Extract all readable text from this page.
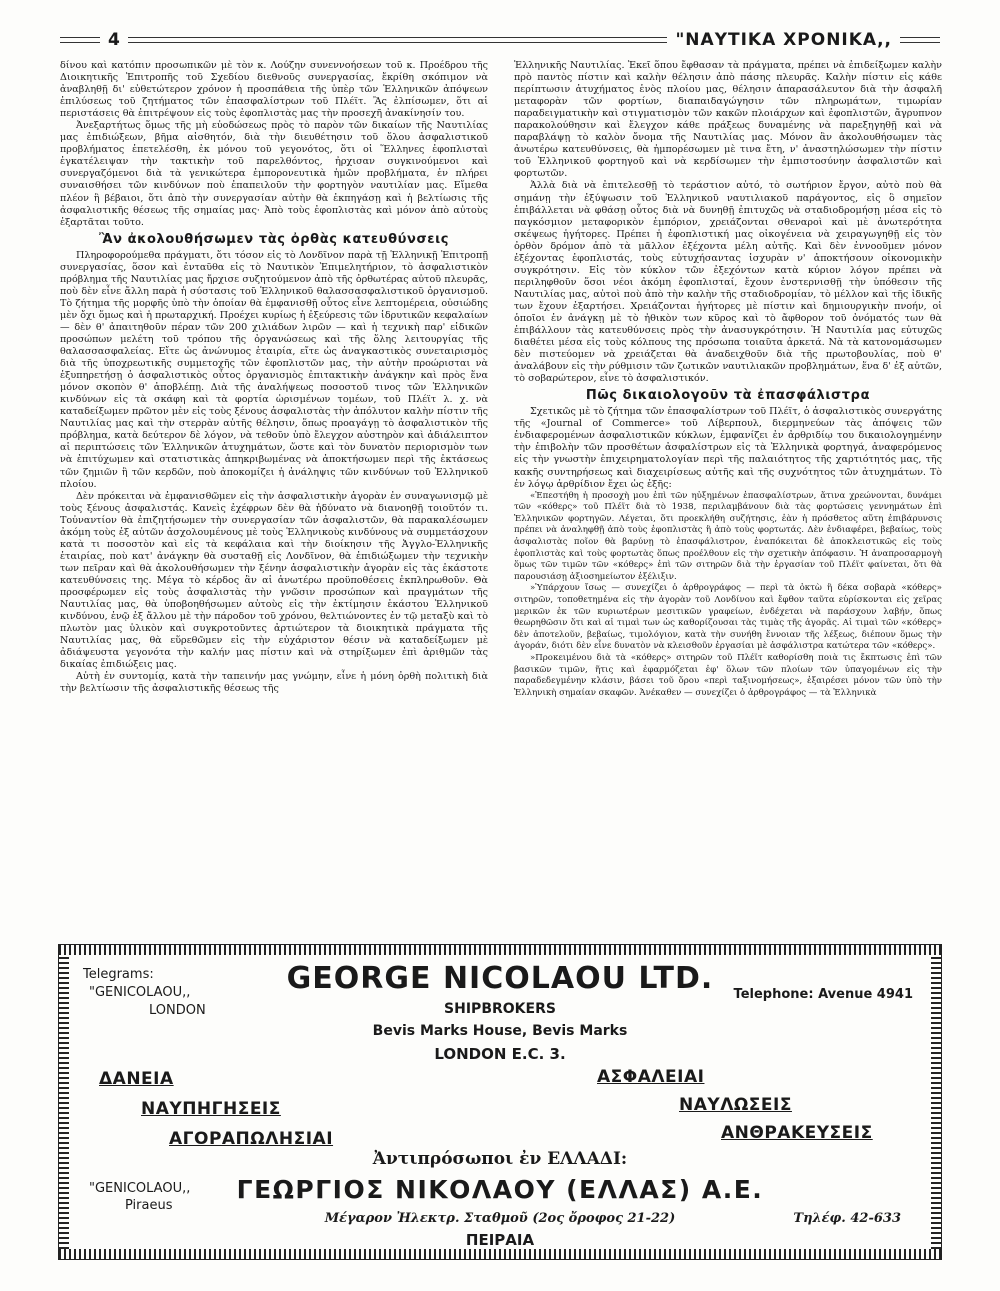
4	"ΝΑΥΤΙΚΑ ΧΡΟΝΙΚΑ,,

δίνου καὶ κατόπιν προσωπικῶν μὲ τὸν κ. Λούζην συνεννοήσεων τοῦ κ. Προέδρου τῆς Διοικητικῆς Ἐπιτροπῆς τοῦ Σχεδίου διεθνοῦς συνεργασίας, ἔκρίθη σκόπιμον νὰ ἀναβληθῇ δι' εὐθετώτερον χρόνον ἡ προσπάθεια τῆς ὑπὲρ τῶν Ἑλληνικῶν ἀπόψεων ἐπιλύσεως τοῦ ζητήματος τῶν ἐπασφαλίστρων τοῦ Πλέϊτ. Ἂς ἐλπίσωμεν, ὅτι αἱ περιστάσεις θὰ ἐπιτρέψουν εἰς τοὺς ἐφοπλιστὰς μας τὴν προσεχῆ ἀνακίνησίν του.

Ἀνεξαρτήτως ὅμως τῆς μὴ εὐοδώσεως πρὸς τὸ παρὸν τῶν δικαίων τῆς Ναυτιλίας μας ἐπιδιώξεων, βῆμα αἰσθητόν, διὰ τὴν διευθέτησιν τοῦ ὅλου ἀσφαλιστικοῦ προβλήματος ἐπετελέσθη, ἐκ μόνου τοῦ γεγονότος, ὅτι οἱ Ἕλληνες ἐφοπλισταὶ ἐγκατέλειψαν τὴν τακτικὴν τοῦ παρελθόντος, ἠρχισαν συγκινούμενοι καὶ συνεργαζόμενοι διὰ τὰ γενικώτερα ἐμπορονευτικὰ ἡμῶν προβλήματα, ἐν πλήρει συναισθήσει τῶν κινδύνων ποὺ ἐπαπειλοῦν τὴν φορτηγὸν ναυτιλίαν μας. Εἴμεθα πλέον ἢ βέβαιοι, ὅτι ἀπὸ τὴν συνεργασίαν αὐτὴν θὰ ἐκπηγάσῃ καὶ ἡ βελτίωσις τῆς ἀσφαλιστικῆς θέσεως τῆς σημαίας μας· Ἀπὸ τοὺς ἐφοπλιστὰς καὶ μόνον ἀπὸ αὐτοὺς ἐξαρτᾶται τοῦτο.

Ἂν ἀκολουθήσωμεν τὰς ὀρθὰς κατευθύνσεις

Πληροφορούμεθα πράγματι, ὅτι τόσον εἰς τὸ Λονδῖνον παρὰ τῇ Ἑλληνικῇ Ἐπιτροπῇ συνεργασίας, ὅσον καὶ ἐνταῦθα εἰς τὸ Ναυτικὸν Ἐπιμελητήριον, τὸ ἀσφαλιστικὸν πρόβλημα τῆς Ναυτιλίας μας ἤρχισε συζητούμενον ἀπὸ τῆς ὀρθωτέρας αὐτοῦ πλευρᾶς, ποὺ δὲν εἶνε ἄλλη παρὰ ἡ σύστασις τοῦ Ἑλληνικοῦ θαλασσασφαλιστικοῦ ὀργανισμοῦ. Τὸ ζήτημα τῆς μορφῆς ὑπὸ τὴν ὁποίαν θὰ ἐμφανισθῇ οὗτος εἶνε λεπτομέρεια, οὐσιώδης μὲν ὄχι ὅμως καὶ ἡ πρωταρχική. Προέχει κυρίως ἡ ἐξεύρεσις τῶν ἱδρυτικῶν κεφαλαίων — δὲν θ' ἀπαιτηθοῦν πέραν τῶν 200 χιλιάδων λιρῶν — καὶ ἡ τεχνικὴ παρ' εἰδικῶν προσώπων μελέτη τοῦ τρόπου τῆς ὀργανώσεως καὶ τῆς ὅλης λειτουργίας τῆς θαλασσασφαλείας. Εἴτε ὡς ἀνώνυμος ἑταιρία, εἴτε ὡς ἀναγκαστικὸς συνεταιρισμὸς διὰ τῆς ὑποχρεωτικῆς συμμετοχῆς τῶν ἐφοπλιστῶν μας, τὴν αὐτὴν προώρισται νὰ ἐξυπηρετήσῃ ὁ ἀσφαλιστικὸς οὗτος ὀργανισμὸς ἐπιτακτικὴν ἀνάγκην καὶ πρὸς ἕνα μόνον σκοπὸν θ' ἀποβλέπῃ. Διὰ τῆς ἀναλήψεως ποσοστοῦ τινος τῶν Ἑλληνικῶν κινδύνων εἰς τὰ σκάφη καὶ τὰ φορτία ὡρισμένων τομέων, τοῦ Πλέϊτ λ. χ. νὰ καταδείξωμεν πρῶτον μὲν εἰς τοὺς ξένους ἀσφαλιστὰς τὴν ἀπόλυτον καλὴν πίστιν τῆς Ναυτιλίας μας καὶ τὴν στερρὰν αὐτῆς θέλησιν, ὅπως προαγάγῃ τὸ ἀσφαλιστικὸν τῆς πρόβλημα, κατὰ δεύτερον δὲ λόγον, νὰ τεθοῦν ὑπὸ ἔλεγχον αὐστηρὸν καὶ ἀδιάλειπτον αἱ περιπτώσεις τῶν Ἑλληνικῶν ἀτυχημάτων, ὥστε καὶ τὸν δυνατὸν περιορισμὸν των νὰ ἐπιτύχωμεν καὶ στατιστικὰς ἀπηκριβωμένας νὰ ἀποκτήσωμεν περὶ τῆς ἐκτάσεως τῶν ζημιῶν ἢ τῶν κερδῶν, ποὺ ἀποκομίζει ἡ ἀνάληψις τῶν κινδύνων τοῦ Ἑλληνικοῦ πλοίου.

Δὲν πρόκειται νὰ ἐμφανισθῶμεν εἰς τὴν ἀσφαλιστικὴν ἀγορὰν ἐν συναγωνισμῷ μὲ τοὺς ξένους ἀσφαλιστάς. Κανεὶς ἐχέφρων δὲν θὰ ἠδύνατο νὰ διανοηθῇ τοιοῦτόν τι. Τοὐναντίον θὰ ἐπιζητήσωμεν τὴν συνεργασίαν τῶν ἀσφαλιστῶν, θὰ παρακαλέσωμεν ἀκόμη τοὺς ἐξ αὐτῶν ἀσχολουμένους μὲ τοὺς Ἑλληνικοὺς κινδύνους νὰ συμμετάσχουν κατὰ τι ποσοστὸν καὶ εἰς τὰ κεφάλαια καὶ τὴν διοίκησιν τῆς Ἀγγλο-Ἑλληνικῆς ἑταιρίας, ποὺ κατ' ἀνάγκην θὰ συσταθῇ εἰς Λονδῖνον, θὰ ἐπιδιώξωμεν τὴν τεχνικὴν των πεῖραν καὶ θὰ ἀκολουθήσωμεν τὴν ξένην ἀσφαλιστικὴν ἀγορὰν εἰς τὰς ἑκάστοτε κατευθύνσεις της. Μέγα τὸ κέρδος ἂν αἱ ἀνωτέρω προϋποθέσεις ἐκπληρωθοῦν. Θὰ προσφέρωμεν εἰς τοὺς ἀσφαλιστὰς τὴν γνῶσιν προσώπων καὶ πραγμάτων τῆς Ναυτιλίας μας, θὰ ὑποβοηθήσωμεν αὐτοὺς εἰς τὴν ἐκτίμησιν ἑκάστου Ἑλληνικοῦ κινδύνου, ἐνῷ ἐξ ἄλλου μὲ τὴν πάροδον τοῦ χρόνου, θελτιώνοντες ἐν τῷ μεταξὺ καὶ τὸ πλωτὸν μας ὑλικὸν καὶ συγκροτοῦντες ἀρτιώτερον τὰ διοικητικὰ πράγματα τῆς Ναυτιλίας μας, θὰ εὕρεθῶμεν εἰς τὴν εὐχάριστον θέσιν νὰ καταδείξωμεν μὲ ἀδιάψευστα γεγονότα τὴν καλήν μας πίστιν καὶ νὰ στηρίξωμεν ἐπὶ ἀριθμῶν τὰς δικαίας ἐπιδιώξεις μας.

Αὐτὴ ἐν συντομίᾳ, κατὰ τὴν ταπεινήν μας γνώμην, εἶνε ἡ μόνη ὀρθὴ πολιτικὴ διὰ τὴν βελτίωσιν τῆς ἀσφαλιστικῆς θέσεως τῆς

Ἑλληνικῆς Ναυτιλίας. Ἐκεῖ ὅπου ἔφθασαν τὰ πράγματα, πρέπει νὰ ἐπιδείξωμεν καλὴν πρὸ παντὸς πίστιν καὶ καλὴν θέλησιν ἀπὸ πάσης πλευρᾶς. Καλὴν πίστιν εἰς κάθε περίπτωσιν ἀτυχήματος ἑνὸς πλοίου μας, θέλησιν ἀπαρασάλευτον διὰ τὴν ἀσφαλῆ μεταφορὰν τῶν φορτίων, διαπαιδαγώγησιν τῶν πληρωμάτων, τιμωρίαν παραδειγματικὴν καὶ στιγματισμὸν τῶν κακῶν πλοιάρχων καὶ ἐφοπλιστῶν, ἄγρυπνον παρακολούθησιν καὶ ἔλεγχον κάθε πράξεως δυναμένης νὰ παρεξηγηθῇ καὶ νὰ παραβλάψῃ τὸ καλὸν ὄνομα τῆς Ναυτιλίας μας. Μόνον ἂν ἀκολουθήσωμεν τὰς ἀνωτέρω κατευθύνσεις, θὰ ἠμπορέσωμεν μὲ τινα ἔτη, ν' ἀναστηλώσωμεν τὴν πίστιν τοῦ Ἑλληνικοῦ φορτηγοῦ καὶ νὰ κερδίσωμεν τὴν ἐμπιστοσύνην ἀσφαλιστῶν καὶ φορτωτῶν.

Ἀλλὰ διὰ νὰ ἐπιτελεσθῇ τὸ τεράστιον αὐτό, τὸ σωτήριον ἔργον, αὐτὸ ποὺ θὰ σημάνῃ τὴν ἐξύψωσιν τοῦ Ἑλληνικοῦ ναυτιλιακοῦ παράγοντος, εἰς ὃ σημεῖον ἐπιβάλλεται νὰ φθάσῃ οὗτος διὰ νὰ δυνηθῇ ἐπιτυχῶς νὰ σταδιοδρομήσῃ μέσα εἰς τὸ παγκόσμιον μεταφορικὸν ἐμπόριον, χρειάζονται σθεναροὶ καὶ μὲ ἀνωτερότητα σκέψεως ἡγήτορες. Πρέπει ἡ ἐφοπλιστική μας οἰκογένεια νὰ χειραγωγηθῇ εἰς τὸν ὀρθὸν δρόμον ἀπὸ τὰ μᾶλλον ἐξέχοντα μέλη αὐτῆς. Καὶ δὲν ἐννοοῦμεν μόνον ἐξέχοντας ἐφοπλιστάς, τοὺς εὐτυχήσαντας ἰσχυρὰν ν' ἀποκτήσουν οἰκονομικὴν συγκρότησιν. Εἰς τὸν κύκλον τῶν ἐξεχόντων κατὰ κύριον λόγον πρέπει νὰ περιληφθοῦν ὅσοι νέοι ἀκόμη ἐφοπλισταί, ἔχουν ἐνστερνισθῇ τὴν ὑπόθεσιν τῆς Ναυτιλίας μας, αὐτοὶ ποὺ ἀπὸ τὴν καλὴν τῆς σταδιοδρομίαν, τὸ μέλλον καὶ τῆς ἰδικῆς των ἔχουν ἐξαρτήσει. Χρειάζονται ἡγήτορες μὲ πίστιν καὶ δημιουργικὴν πνοήν, οἱ ὁποῖοι ἐν ἀνάγκῃ μὲ τὸ ἠθικὸν των κῦρος καὶ τὸ ἄφθορον τοῦ ὀνόματός των θὰ ἐπιβάλλουν τὰς κατευθύνσεις πρὸς τὴν ἀνασυγκρότησιν. Ἡ Ναυτιλία μας εὐτυχῶς διαθέτει μέσα εἰς τοὺς κόλπους της πρόσωπα τοιαῦτα ἀρκετά. Νὰ τὰ κατονομάσωμεν δὲν πιστεύομεν νὰ χρειάζεται θὰ ἀναδειχθοῦν διὰ τῆς πρωτοβουλίας, ποὺ θ' ἀναλάβουν εἰς τὴν ρύθμισιν τῶν ζωτικῶν ναυτιλιακῶν προβλημάτων, ἕνα δ' ἐξ αὐτῶν, τὸ σοβαρώτερον, εἶνε τὸ ἀσφαλιστικόν.

Πῶς δικαιολογοῦν τὰ ἐπασφάλιστρα

Σχετικῶς μὲ τὸ ζήτημα τῶν ἐπασφαλίστρων τοῦ Πλέϊτ, ὁ ἀσφαλιστικὸς συνεργάτης τῆς «Journal of Commerce» τοῦ Λίβερπουλ, διερμηνεύων τὰς ἀπόψεις τῶν ἐνδιαφερομένων ἀσφαλιστικῶν κύκλων, ἐμφανίζει ἐν ἀρθριδίῳ του δικαιολογημένην τὴν ἐπιβολὴν τῶν προσθέτων ἀσφαλίστρων εἰς τὰ Ἑλληνικὰ φορτηγά, ἀναφερόμενος εἰς τὴν γνωστὴν ἐπιχειρηματολογίαν περὶ τῆς παλαιότητος τῆς χαρτιότητός μας, τῆς κακῆς συντηρήσεως καὶ διαχειρίσεως αὐτῆς καὶ τῆς συχνότητος τῶν ἀτυχημάτων. Τὸ ἐν λόγῳ ἀρθρίδιον ἔχει ὡς ἑξῆς:

«Ἐπεστήθη ἡ προσοχὴ μου ἐπὶ τῶν ηὐξημένων ἐπασφαλίστρων, ἅτινα χρεώνονται, δυνάμει τῶν «κόθερς» τοῦ Πλέϊτ διὰ τὸ 1938, περιλαμβάνουν διὰ τὰς φορτώσεις γεννημάτων ἐπὶ Ἑλληνικῶν φορτηγῶν. Λέγεται, ὅτι προεκλήθη συζήτησις, ἐὰν ἡ πρόσθετος αὕτη ἐπιβάρυνσις πρέπει νὰ ἀναληφθῇ ἀπὸ τοὺς ἐφοπλιστὰς ἢ ἀπὸ τοὺς φορτωτάς. Δὲν ἐνδιαφέρει, βεβαίως, τοὺς ἀσφαλιστὰς ποῖον θὰ βαρύνῃ τὸ ἐπασφάλιστρον, ἐναπόκειται δὲ ἀποκλειστικῶς εἰς τοὺς ἐφοπλιστὰς καὶ τοὺς φορτωτὰς ὅπως προέλθουν εἰς τὴν σχετικὴν ἀπόφασιν. Ἡ ἀναπροσαρμογὴ ὅμως τῶν τιμῶν τῶν «κόθερς» ἐπὶ τῶν σιτηρῶν διὰ τὴν ἐργασίαν τοῦ Πλέϊτ φαίνεται, ὅτι θὰ παρουσιάσῃ ἀξιοσημείωτον ἐξέλιξιν.

»Ὑπάρχουν ἴσως — συνεχίζει ὁ ἀρθρογράφος — περὶ τὰ ὀκτὼ ἢ δέκα σοβαρὰ «κόθερς» σιτηρῶν, τοποθετημένα εἰς τὴν ἀγορὰν τοῦ Λονδίνου καὶ ἔφθον ταῦτα εὑρίσκονται εἰς χεῖρας μερικῶν ἐκ τῶν κυριωτέρων μεσιτικῶν γραφείων, ἐνδέχεται νὰ παράσχουν λαβήν, ὅπως θεωρηθῶσιν ὅτι καὶ αἱ τιμαὶ των ὡς καθορίζουσαι τὰς τιμὰς τῆς ἀγορᾶς. Αἱ τιμαὶ τῶν «κόθερς» δὲν ἀποτελοῦν, βεβαίως, τιμολόγιον, κατὰ τὴν συνήθη ἔννοιαν τῆς λέξεως, διέπουν ὅμως τὴν ἀγοράν, διότι δὲν εἶνε δυνατὸν νὰ κλεισθοῦν ἐργασίαι μὲ ἀσφάλιστρα κατώτερα τῶν «κόθερς».

»Προκειμένου διὰ τὰ «κόθερς» σιτηρῶν τοῦ Πλέϊτ καθορίσθη ποιὰ τις ἔκπτωσις ἐπὶ τῶν βασικῶν τιμῶν, ἥτις καὶ ἐφαρμόζεται ἐφ' ὅλων τῶν πλοίων τῶν ὑπαγομένων εἰς τὴν παραδεδεγμένην κλάσιν, βάσει τοῦ ὅρου «περὶ ταξινομήσεως», ἐξαιρέσει μόνον τῶν ὑπὸ τὴν Ἑλληνικὴ σημαίαν σκαφῶν. Ἀνέκαθεν — συνεχίζει ὁ ἀρθρογράφος — τὰ Ἑλληνικὰ

Telegrams:
"GENICOLAOU,,
LONDON
GEORGE NICOLAOU LTD.
SHIPBROKERS
Bevis Marks House, Bevis Marks
LONDON E.C. 3.
Telephone: Avenue 4941
ΔΑΝΕΙΑ
ΝΑΥΠΗΓΗΣΕΙΣ
ΑΓΟΡΑΠΩΛΗΣΙΑΙ
ΑΣΦΑΛΕΙΑΙ
ΝΑΥΛΩΣΕΙΣ
ΑΝΘΡΑΚΕΥΣΕΙΣ
Ἀντιπρόσωποι ἐν ΕΛΛΑΔΙ:
"GENICOLAOU,,
Piraeus
ΓΕΩΡΓΙΟΣ ΝΙΚΟΛΑΟΥ (ΕΛΛΑΣ) Α.Ε.
Μέγαρον Ἠλεκτρ. Σταθμοῦ (2ος ὄροφος 21-22)	Τηλέφ. 42-633
ΠΕΙΡΑΙΑ
